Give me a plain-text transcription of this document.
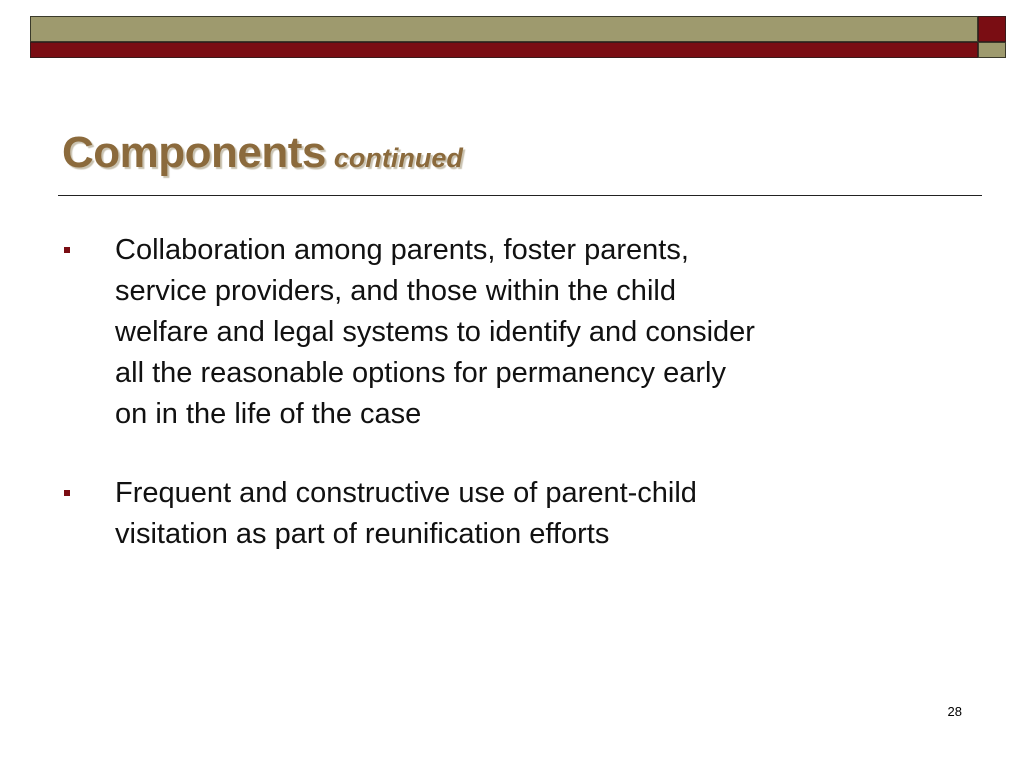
Components continued
Collaboration among parents, foster parents, service providers, and those within the child welfare and legal systems to identify and consider all the reasonable options for permanency early on in the life of the case
Frequent and constructive use of parent-child visitation as part of reunification efforts
28
